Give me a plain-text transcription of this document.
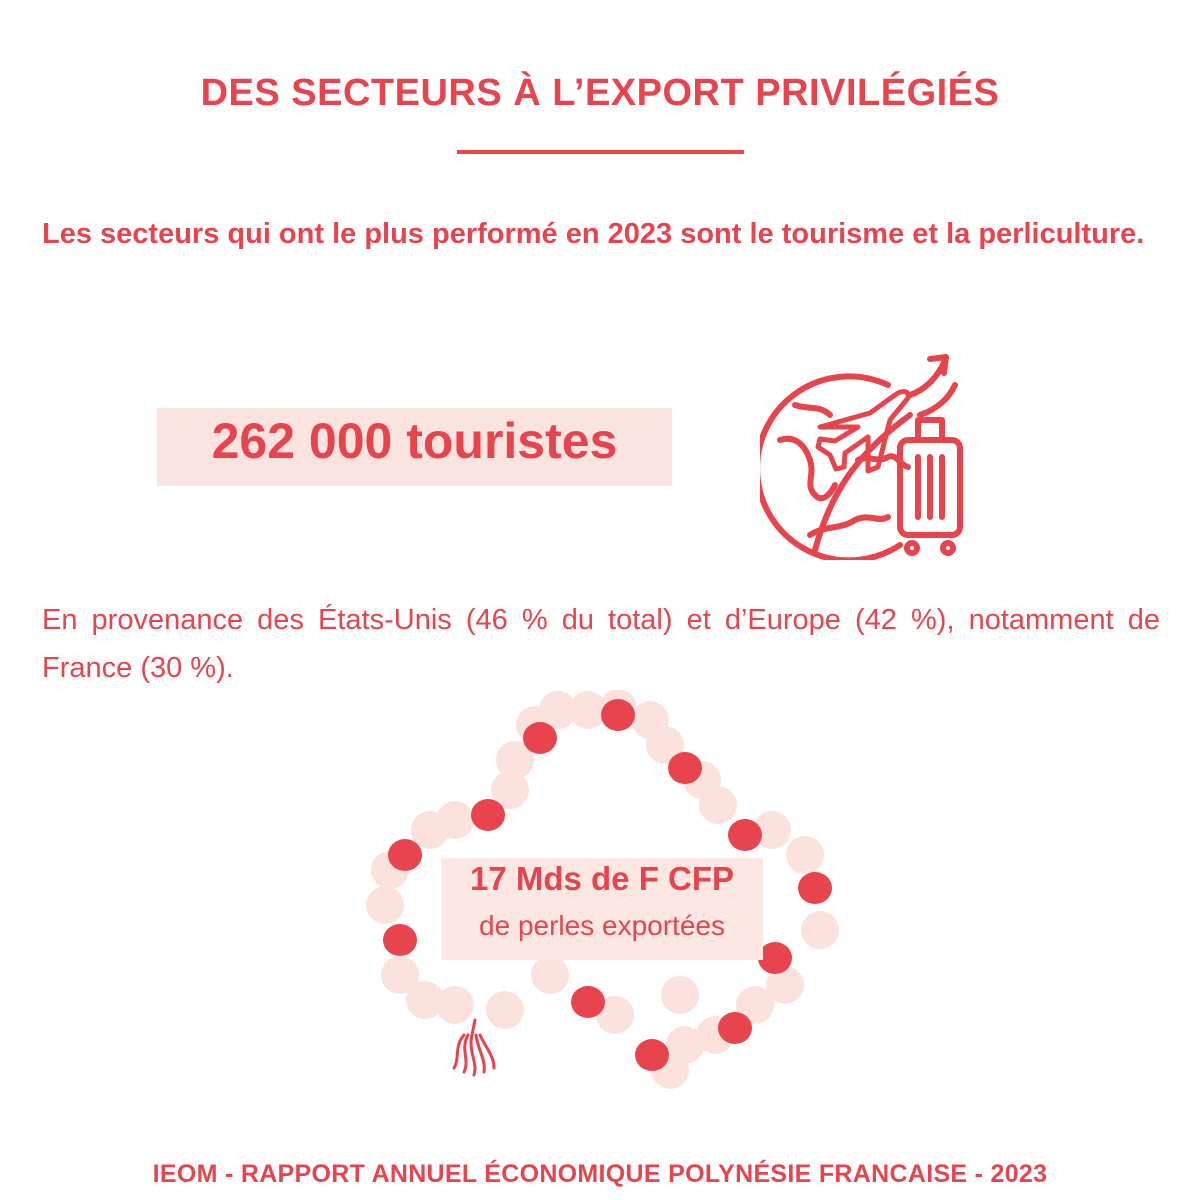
DES SECTEURS À L’EXPORT PRIVILÉGIÉS
Les secteurs qui ont le plus performé en 2023 sont le tourisme et la perliculture.
262 000 touristes
En provenance des États-Unis (46 % du total) et d’Europe (42 %), notamment de France (30 %).
17 Mds de F CFP
de perles exportées
IEOM - RAPPORT ANNUEL ÉCONOMIQUE POLYNÉSIE FRANCAISE - 2023
